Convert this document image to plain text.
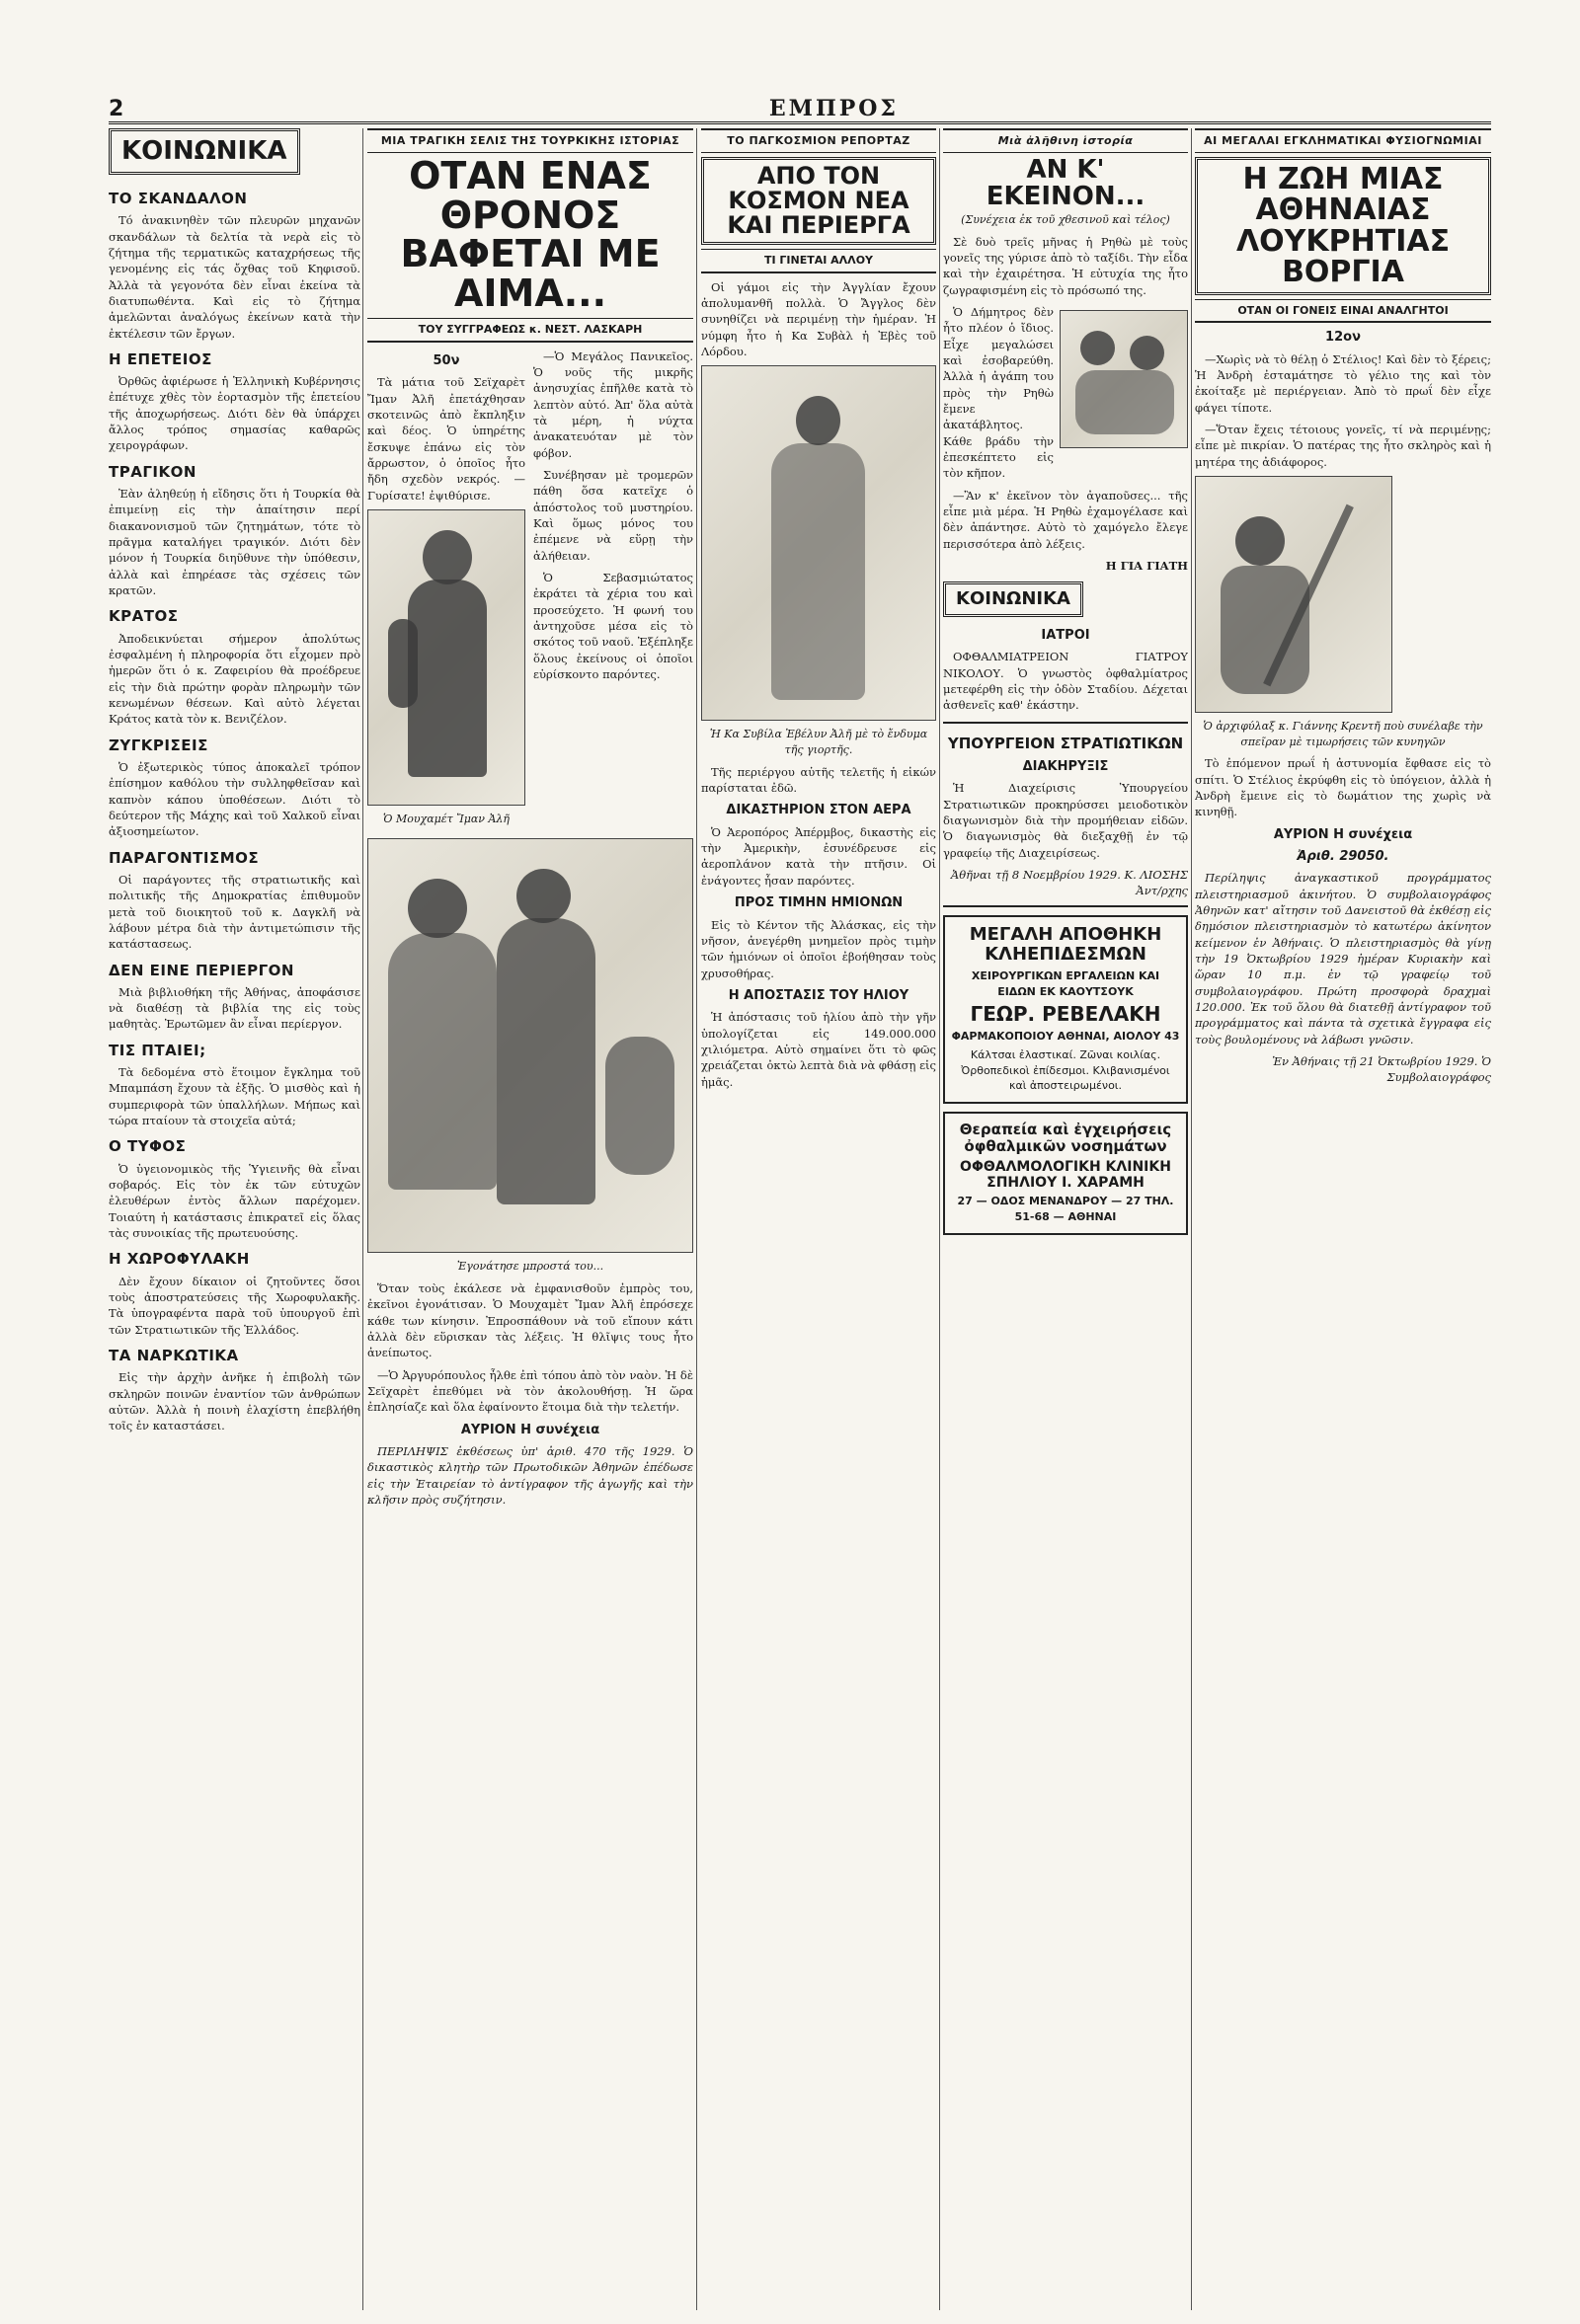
2	ΕΜΠΡΟΣ
ΚΟΙΝΩΝΙΚΑ
ΤΟ ΣΚΑΝΔΑΛΟΝ

Τό ἀνακινηθὲν τῶν πλευρῶν μηχανῶν σκανδάλων τὰ δελτία τὰ νερὰ εἰς τὸ ζήτημα τῆς τερματικῶς καταχρήσεως τῆς γενομένης εἰς τάς ὄχθας τοῦ Κηφισοῦ. Ἀλλὰ τὰ γεγονότα δὲν εἶναι ἐκείνα τὰ διατυπωθέντα. Καὶ εἰς τὸ ζήτημα ἀμελῶνται ἀναλόγως ἐκείνων κατὰ τὴν ἐκτέλεσιν τῶν ἔργων.

Η ΕΠΕΤΕΙΟΣ

Ὀρθῶς ἀφιέρωσε ἡ Ἑλληνικὴ Κυβέρνησις ἐπέτυχε χθὲς τὸν ἑορτασμὸν τῆς ἐπετείου τῆς ἀποχωρήσεως. Διότι δὲν θὰ ὑπάρχει ἄλλος τρόπος σημασίας καθαρῶς χειρογράφων.

ΤΡΑΓΙΚΟΝ

Ἐὰν ἀληθεύῃ ἡ εἴδησις ὅτι ἡ Τουρκία θὰ ἐπιμείνῃ εἰς τὴν ἀπαίτησιν περί διακανονισμοῦ τῶν ζητημάτων, τότε τὸ πρᾶγμα καταλήγει τραγικόν. Διότι δὲν μόνον ἡ Τουρκία διηῦθυνε τὴν ὑπόθεσιν, ἀλλὰ καὶ ἐπηρέασε τὰς σχέσεις τῶν κρατῶν.

ΚΡΑΤΟΣ

Ἀποδεικνύεται σήμερον ἀπολύτως ἐσφαλμένη ἡ πληροφορία ὅτι εἶχομεν πρὸ ἡμερῶν ὅτι ὁ κ. Ζαφειρίου θὰ προέδρευε εἰς τὴν διὰ πρώτην φορὰν πληρωμὴν τῶν κενωμένων θέσεων. Καὶ αὐτὸ λέγεται Κράτος κατὰ τὸν κ. Βενιζέλον.

ΖΥΓΚΡΙΣΕΙΣ

Ὁ ἐξωτερικὸς τύπος ἀποκαλεῖ τρόπον ἐπίσημον καθόλου τὴν συλληφθεῖσαν καὶ καπνὸν κάπου ὑποθέσεων. Διότι τὸ δεύτερον τῆς Μάχης καὶ τοῦ Χαλκοῦ εἶναι ἀξιοσημείωτον.

ΠΑΡΑΓΟΝΤΙΣΜΟΣ

Οἱ παράγοντες τῆς στρατιωτικῆς καὶ πολιτικῆς τῆς Δημοκρατίας ἐπιθυμοῦν μετὰ τοῦ διοικητοῦ τοῦ κ. Δαγκλῆ νὰ λάβουν μέτρα διὰ τὴν ἀντιμετώπισιν τῆς κατάστασεως.

ΔΕΝ ΕΙΝΕ ΠΕΡΙΕΡΓΟΝ

Μιὰ βιβλιοθήκη τῆς Ἀθήνας, ἀποφάσισε νὰ διαθέσῃ τὰ βιβλία της εἰς τοὺς μαθητὰς. Ἐρωτῶμεν ἂν εἶναι περίεργον.

ΤΙΣ ΠΤΑΙΕΙ;

Τὰ δεδομένα στὸ ἕτοιμον ἔγκλημα τοῦ Μπαμπάση ἔχουν τὰ ἑξῆς. Ὁ μισθὸς καὶ ἡ συμπεριφορὰ τῶν ὑπαλλήλων. Μήπως καὶ τώρα πταίουν τὰ στοιχεῖα αὐτά;

Ο ΤΥΦΟΣ

Ὁ ὑγειονομικὸς τῆς Ὑγιεινῆς θὰ εἶναι σοβαρός. Εἰς τὸν ἐκ τῶν εὐτυχῶν ἐλευθέρων ἐντὸς ἄλλων παρέχομεν. Τοιαύτη ἡ κατάστασις ἐπικρατεῖ εἰς ὅλας τὰς συνοικίας τῆς πρωτευούσης.

Η ΧΩΡΟΦΥΛΑΚΗ

Δὲν ἔχουν δίκαιον οἱ ζητοῦντες ὅσοι τοὺς ἀποστρατεύσεις τῆς Χωροφυλακῆς. Τὰ ὑπογραφέντα παρὰ τοῦ ὑπουργοῦ ἐπὶ τῶν Στρατιωτικῶν τῆς Ἑλλάδος.

ΤΑ ΝΑΡΚΩΤΙΚΑ

Εἰς τὴν ἀρχὴν ἀνῆκε ἡ ἐπιβολὴ τῶν σκληρῶν ποινῶν ἐναντίον τῶν ἀνθρώπων αὐτῶν. Ἀλλὰ ἡ ποινὴ ἐλαχίστη ἐπεβλήθη τοῖς ἐν καταστάσει.

ΜΙΑ ΤΡΑΓΙΚΗ ΣΕΛΙΣ ΤΗΣ ΤΟΥΡΚΙΚΗΣ ΙΣΤΟΡΙΑΣ
ΟΤΑΝ ΕΝΑΣ ΘΡΟΝΟΣ ΒΑΦΕΤΑΙ ΜΕ ΑΙΜΑ...
ΤΟΥ ΣΥΓΓΡΑΦΕΩΣ κ. ΝΕΣΤ. ΛΑΣΚΑΡΗ
50ν

Τὰ μάτια τοῦ Σεϊχαρὲτ Ἴμαν Ἀλῆ ἐπετάχθησαν σκοτεινῶς ἀπὸ ἔκπληξιν καὶ δέος. Ὁ ὑπηρέτης ἔσκυψε ἐπάνω εἰς τὸν ἄρρωστον, ὁ ὁποῖος ἦτο ἤδη σχεδὸν νεκρός. —Γυρίσατε! ἐψιθύρισε.

Ὁ Μουχαμέτ Ἴμαν Ἀλῆ

—Ὁ Μεγάλος Πανικεῖος. Ὁ νοῦς τῆς μικρῆς ἀνησυχίας ἐπῆλθε κατὰ τὸ λεπτὸν αὐτό. Ἀπ' ὅλα αὐτὰ τὰ μέρη, ἡ νύχτα ἀνακατευόταν μὲ τὸν φόβον.

Συνέβησαν μὲ τρομερῶν πάθη ὅσα κατεῖχε ὁ ἀπόστολος τοῦ μυστηρίου. Καὶ ὅμως μόνος του ἐπέμενε νὰ εὕρῃ τὴν ἀλήθειαν.

Ὁ Σεβασμιώτατος ἐκράτει τὰ χέρια του καὶ προσεύχετο. Ἡ φωνή του ἀντηχοῦσε μέσα εἰς τὸ σκότος τοῦ ναοῦ. Ἐξέπληξε ὅλους ἐκείνους οἱ ὁποῖοι εὑρίσκοντο παρόντες.

Ἐγονάτησε μπροστά του...

Ὅταν τοὺς ἐκάλεσε νὰ ἐμφανισθοῦν ἐμπρὸς του, ἐκεῖνοι ἐγονάτισαν. Ὁ Μουχαμὲτ Ἴμαν Ἀλῆ ἐπρόσεχε κάθε των κίνησιν. Ἐπροσπάθουν νὰ τοῦ εἴπουν κάτι ἀλλὰ δὲν εὕρισκαν τὰς λέξεις. Ἡ θλῖψις τους ἦτο ἀνείπωτος.

—Ὁ Ἀργυρόπουλος ἦλθε ἐπὶ τόπου ἀπὸ τὸν ναὸν. Ἡ δὲ Σεϊχαρὲτ ἐπεθύμει νὰ τὸν ἀκολουθήσῃ. Ἡ ὥρα ἐπλησίαζε καὶ ὅλα ἐφαίνοντο ἕτοιμα διὰ τὴν τελετήν.

ΑΥΡΙΟΝ Η συνέχεια

ΠΕΡΙΛΗΨΙΣ ἐκθέσεως ὑπ' ἀριθ. 470 τῆς 1929. Ὁ δικαστικὸς κλητὴρ τῶν Πρωτοδικῶν Ἀθηνῶν ἐπέδωσε εἰς τὴν Ἑταιρείαν τὸ ἀντίγραφον τῆς ἀγωγῆς καὶ τὴν κλῆσιν πρὸς συζήτησιν.

ΤΟ ΠΑΓΚΟΣΜΙΟΝ ΡΕΠΟΡΤΑΖ
ΑΠΟ ΤΟΝ ΚΟΣΜΟΝ ΝΕΑ ΚΑΙ ΠΕΡΙΕΡΓΑ
ΤΙ ΓΙΝΕΤΑΙ ΑΛΛΟΥ

Οἱ γάμοι εἰς τὴν Ἀγγλίαν ἔχουν ἀπολυμανθῆ πολλὰ. Ὁ Ἄγγλος δὲν συνηθίζει νὰ περιμένῃ τὴν ἡμέραν. Ἡ νύμφη ἦτο ἡ Κα Συβὰλ ἡ Ἐβὲς τοῦ Λόρδου.

Ἡ Κα Συβίλα Ἐβέλυν Ἀλῆ μὲ τὸ ἔνδυμα τῆς γιορτῆς.

Τῆς περιέργου αὐτῆς τελετῆς ἡ εἰκών παρίσταται ἐδῶ.

ΔΙΚΑΣΤΗΡΙΟΝ ΣΤΟΝ ΑΕΡΑ

Ὁ Ἀεροπόρος Ἀπέρμβος, δικαστὴς εἰς τὴν Ἀμερικὴν, ἐσυνέδρευσε εἰς ἀεροπλάνον κατὰ τὴν πτῆσιν. Οἱ ἐνάγοντες ἦσαν παρόντες.

ΠΡΟΣ ΤΙΜΗΝ ΗΜΙΟΝΩΝ

Εἰς τὸ Κέντον τῆς Ἀλάσκας, εἰς τὴν νῆσον, ἀνεγέρθη μνημεῖον πρὸς τιμὴν τῶν ἡμιόνων οἱ ὁποῖοι ἐβοήθησαν τοὺς χρυσοθήρας.

Η ΑΠΟΣΤΑΣΙΣ ΤΟΥ ΗΛΙΟΥ

Ἡ ἀπόστασις τοῦ ἡλίου ἀπὸ τὴν γῆν ὑπολογίζεται εἰς 149.000.000 χιλιόμετρα. Αὐτὸ σημαίνει ὅτι τὸ φῶς χρειάζεται ὀκτὼ λεπτὰ διὰ νὰ φθάσῃ εἰς ἡμᾶς.

Μιὰ ἀλῆθινη ἱστορία
ΑΝ Κ' ΕΚΕΙΝΟΝ...
(Συνέχεια ἐκ τοῦ χθεσινοῦ καὶ τέλος)

Σὲ δυὸ τρεῖς μῆνας ἡ Ρηθὼ μὲ τοὺς γονεῖς της γύρισε ἀπὸ τὸ ταξίδι. Τὴν εἶδα καὶ τὴν ἐχαιρέτησα. Ἡ εὐτυχία της ἦτο ζωγραφισμένη εἰς τὸ πρόσωπό της.

Ὁ Δήμητρος δὲν ἦτο πλέον ὁ ἴδιος. Εἶχε μεγαλώσει καὶ ἐσοβαρεύθη. Ἀλλὰ ἡ ἀγάπη του πρὸς τὴν Ρηθὼ ἔμενε ἀκατάβλητος. Κάθε βράδυ τὴν ἐπεσκέπτετο εἰς τὸν κῆπον.

—Ἂν κ' ἐκεῖνον τὸν ἀγαποῦσες... τῆς εἶπε μιὰ μέρα. Ἡ Ρηθὼ ἐχαμογέλασε καὶ δὲν ἀπάντησε. Αὐτὸ τὸ χαμόγελο ἔλεγε περισσότερα ἀπὸ λέξεις.

Η ΓΙΑ ΓΙΑΤΗ
ΚΟΙΝΩΝΙΚΑ
ΙΑΤΡΟΙ

ΟΦΘΑΛΜΙΑΤΡΕΙΟΝ ΓΙΑΤΡΟΥ ΝΙΚΟΛΟΥ. Ὁ γνωστὸς ὀφθαλμίατρος μετεφέρθη εἰς τὴν ὁδὸν Σταδίου. Δέχεται ἀσθενεῖς καθ' ἑκάστην.

ΥΠΟΥΡΓΕΙΟΝ ΣΤΡΑΤΙΩΤΙΚΩΝ
ΔΙΑΚΗΡΥΞΙΣ

Ἡ Διαχείρισις Ὑπουργείου Στρατιωτικῶν προκηρύσσει μειοδοτικὸν διαγωνισμὸν διὰ τὴν προμήθειαν εἰδῶν. Ὁ διαγωνισμὸς θὰ διεξαχθῇ ἐν τῷ γραφείῳ τῆς Διαχειρίσεως.

Ἀθῆναι τῇ 8 Νοεμβρίου 1929. Κ. ΛΙΟΣΗΣ Ἀντ/ρχης
ΜΕΓΑΛΗ ΑΠΟΘΗΚΗ ΚΛΗΕΠΙΔΕΣΜΩΝ
ΧΕΙΡΟΥΡΓΙΚΩΝ ΕΡΓΑΛΕΙΩΝ ΚΑΙ ΕΙΔΩΝ ΕΚ ΚΑΟΥΤΣΟΥΚ
ΓΕΩΡ. ΡΕΒΕΛΑΚΗ
ΦΑΡΜΑΚΟΠΟΙΟΥ ΑΘΗΝΑΙ, ΑΙΟΛΟΥ 43
Κάλτσαι ἐλαστικαί. Ζῶναι κοιλίας. Ὀρθοπεδικοὶ ἐπίδεσμοι. Κλιβανισμένοι καὶ ἀποστειρωμένοι.
Θεραπεία καὶ ἐγχειρήσεις ὀφθαλμικῶν νοσημάτων
ΟΦΘΑΛΜΟΛΟΓΙΚΗ ΚΛΙΝΙΚΗ ΣΠΗΛΙΟΥ Ι. ΧΑΡΑΜΗ
27 — ΟΔΟΣ ΜΕΝΑΝΔΡΟΥ — 27 ΤΗΛ. 51-68 — ΑΘΗΝΑΙ
ΑΙ ΜΕΓΑΛΑΙ ΕΓΚΛΗΜΑΤΙΚΑΙ ΦΥΣΙΟΓΝΩΜΙΑΙ
Η ΖΩΗ ΜΙΑΣ ΑΘΗΝΑΙΑΣ ΛΟΥΚΡΗΤΙΑΣ ΒΟΡΓΙΑ
ΟΤΑΝ ΟΙ ΓΟΝΕΙΣ ΕΙΝΑΙ ΑΝΑΛΓΗΤΟΙ
12ον

—Χωρὶς νὰ τὸ θέλῃ ὁ Στέλιος! Καὶ δὲν τὸ ξέρεις; Ἡ Ἀνδρὴ ἐσταμάτησε τὸ γέλιο της καὶ τὸν ἐκοίταξε μὲ περιέργειαν. Ἀπὸ τὸ πρωΐ δὲν εἶχε φάγει τίποτε.

—Ὅταν ἔχεις τέτοιους γονεῖς, τί νὰ περιμένῃς; εἶπε μὲ πικρίαν. Ὁ πατέρας της ἦτο σκληρὸς καὶ ἡ μητέρα της ἀδιάφορος.

Ὁ ἀρχιφύλαξ κ. Γιάννης Κρεντῆ ποὺ συνέλαβε τὴν σπεῖραν μὲ τιμωρήσεις τῶν κυνηγῶν

Τὸ ἐπόμενον πρωΐ ἡ ἀστυνομία ἔφθασε εἰς τὸ σπίτι. Ὁ Στέλιος ἐκρύφθη εἰς τὸ ὑπόγειον, ἀλλὰ ἡ Ἀνδρὴ ἔμεινε εἰς τὸ δωμάτιον της χωρὶς νὰ κινηθῇ.

ΑΥΡΙΟΝ Η συνέχεια
Ἀριθ. 29050.

Περίληψις ἀναγκαστικοῦ προγράμματος πλειστηριασμοῦ ἀκινήτου. Ὁ συμβολαιογράφος Ἀθηνῶν κατ' αἴτησιν τοῦ Δανειστοῦ θὰ ἐκθέσῃ εἰς δημόσιον πλειστηριασμὸν τὸ κατωτέρω ἀκίνητον κείμενον ἐν Ἀθήναις. Ὁ πλειστηριασμὸς θὰ γίνῃ τὴν 19 Ὀκτωβρίου 1929 ἡμέραν Κυριακὴν καὶ ὥραν 10 π.μ. ἐν τῷ γραφείῳ τοῦ συμβολαιογράφου. Πρώτη προσφορὰ δραχμαὶ 120.000. Ἐκ τοῦ ὅλου θὰ διατεθῇ ἀντίγραφον τοῦ προγράμματος καὶ πάντα τὰ σχετικὰ ἔγγραφα εἰς τοὺς βουλομένους νὰ λάβωσι γνῶσιν.

Ἐν Ἀθήναις τῇ 21 Ὀκτωβρίου 1929. Ὁ Συμβολαιογράφος
